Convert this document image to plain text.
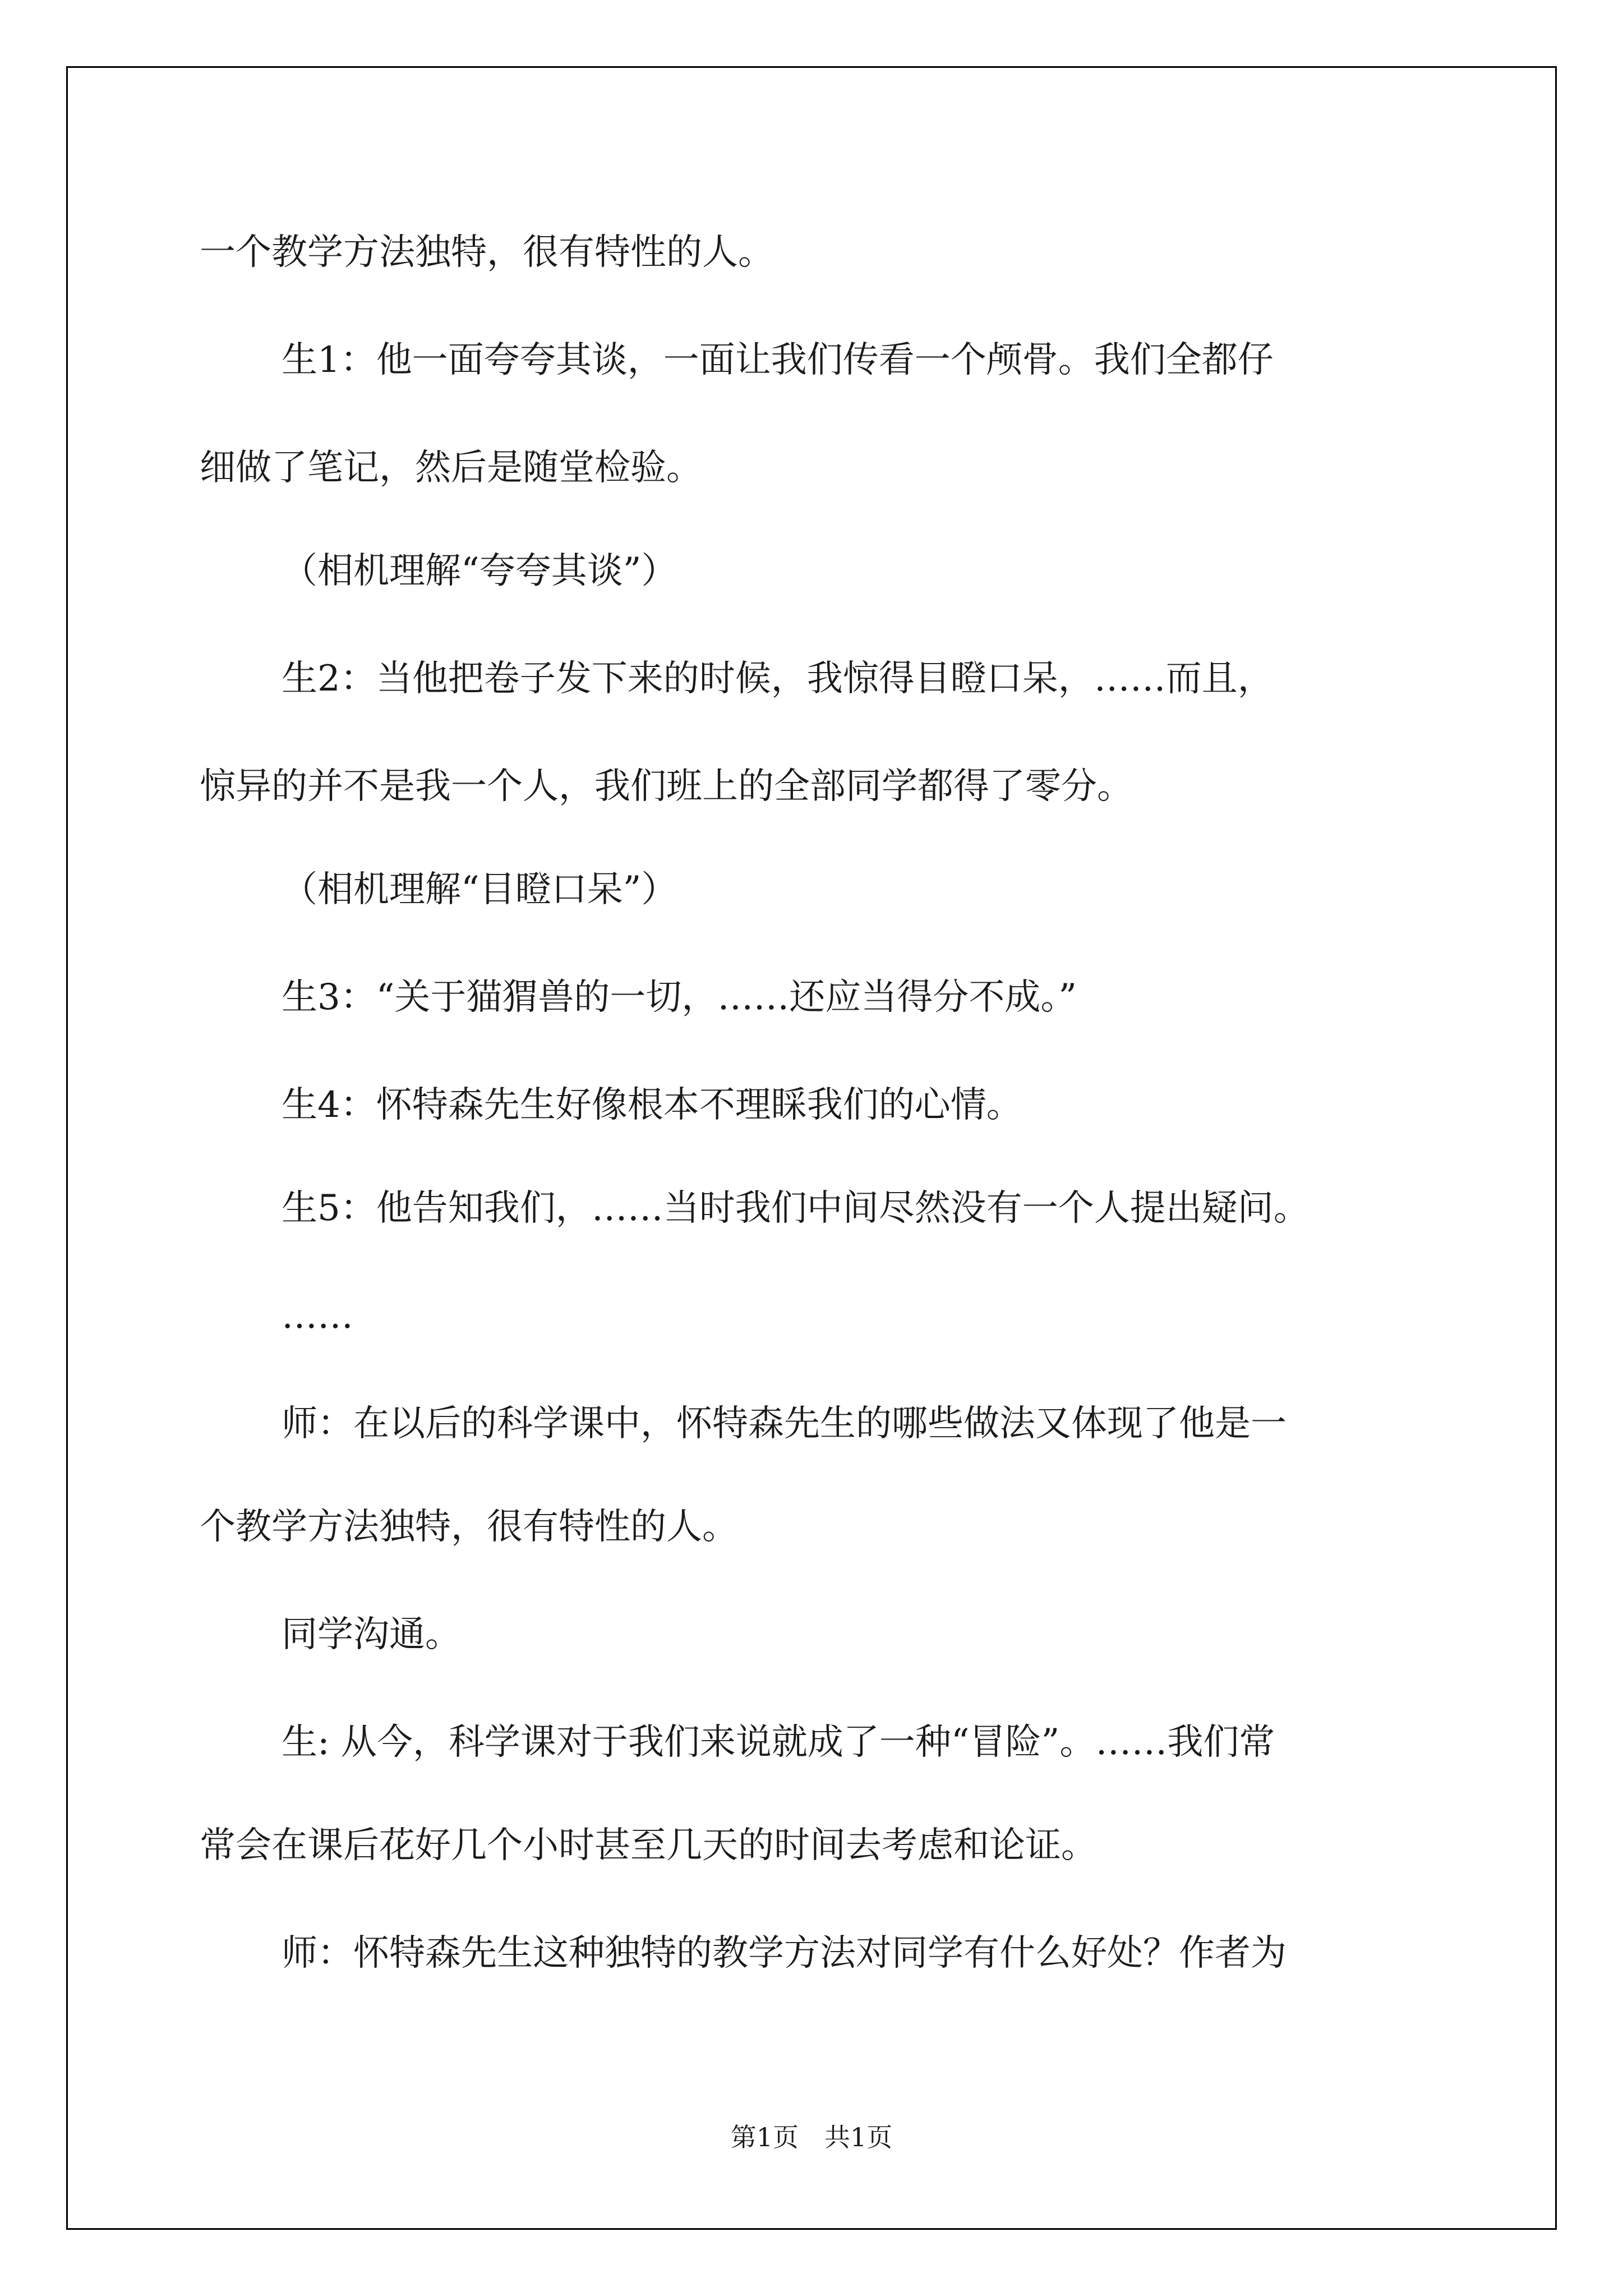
一个教学方法独特，很有特性的人。
生1：他一面夸夸其谈，一面让我们传看一个颅骨。我们全都仔
细做了笔记，然后是随堂检验。
（相机理解“夸夸其谈”）
生2：当他把卷子发下来的时候，我惊得目瞪口呆，……而且，
惊异的并不是我一个人，我们班上的全部同学都得了零分。
（相机理解“目瞪口呆”）
生3：“关于猫猬兽的一切，……还应当得分不成。”
生4：怀特森先生好像根本不理睬我们的心情。
生5：他告知我们，……当时我们中间尽然没有一个人提出疑问。
……
师：在以后的科学课中，怀特森先生的哪些做法又体现了他是一
个教学方法独特，很有特性的人。
同学沟通。
生: 从今，科学课对于我们来说就成了一种“冒险”。……我们常
常会在课后花好几个小时甚至几天的时间去考虑和论证。
师：怀特森先生这种独特的教学方法对同学有什么好处？作者为
第1页　共1页
